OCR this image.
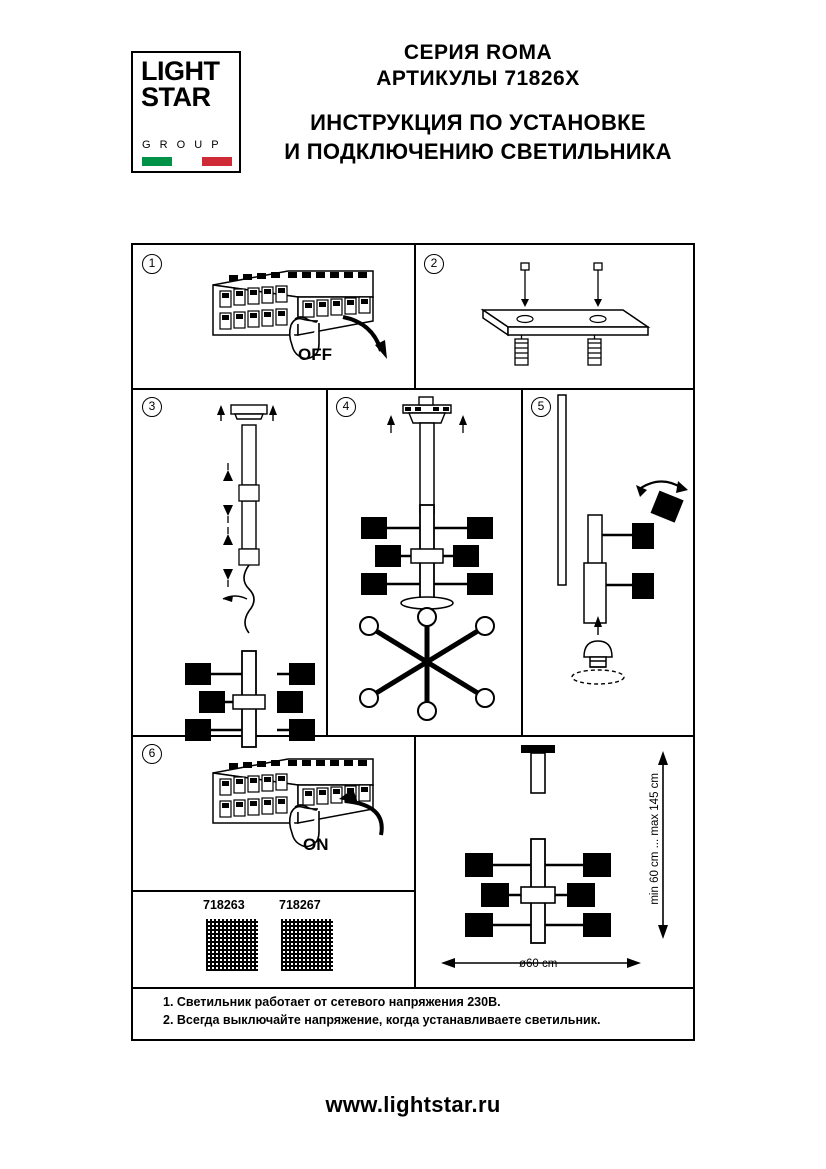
LIGHT
STAR
G R O U P
СЕРИЯ ROMA
АРТИКУЛЫ 71826X
ИНСТРУКЦИЯ ПО УСТАНОВКЕ
И ПОДКЛЮЧЕНИЮ СВЕТИЛЬНИКА
1
OFF
2
3	4	5
6
ON
718263	718267
min 60 cm ... max 145 cm
ø60 cm
1. Светильник работает от сетевого напряжения 230В.
2. Всегда выключайте напряжение, когда устанавливаете светильник.
www.lightstar.ru
